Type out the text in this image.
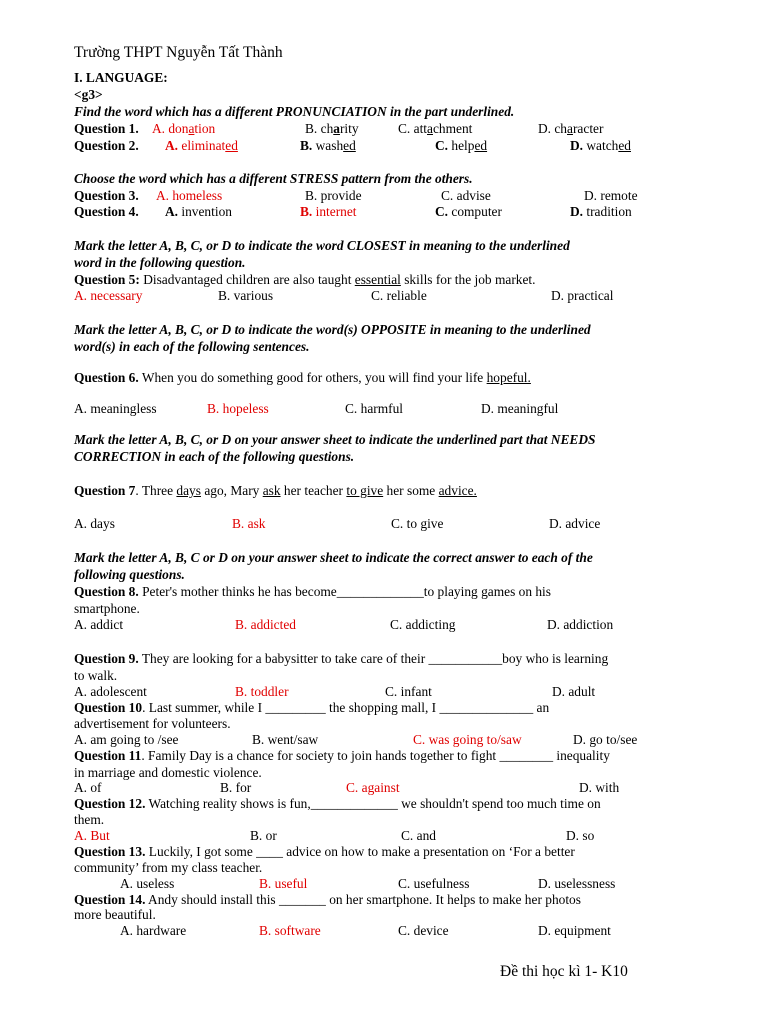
Trường THPT Nguyễn Tất Thành
I. LANGUAGE:
<g3>
Find the word which has a different PRONUNCIATION in the part underlined.
Question 1. A. donation	B. charity	C. attachment	D. character
Question 2. A. eliminated	B. washed	C. helped	D. watched
Choose the word which has a different STRESS pattern from the others.
Question 3. A. homeless	B. provide	C. advise	D. remote
Question 4. A. invention	B. internet	C. computer	D. tradition
Mark the letter A, B, C, or D to indicate the word CLOSEST in meaning to the underlined
word in the following question.
Question 5: Disadvantaged children are also taught essential skills for the job market.
A. necessary	B. various	C. reliable	D. practical
Mark the letter A, B, C, or D to indicate the word(s) OPPOSITE in meaning to the underlined
word(s) in each of the following sentences.
Question 6. When you do something good for others, you will find your life hopeful.
A. meaningless	B. hopeless	C. harmful	D. meaningful
Mark the letter A, B, C, or D on your answer sheet to indicate the underlined part that NEEDS
CORRECTION in each of the following questions.
Question 7. Three days ago, Mary ask her teacher to give her some advice.
A. days	B. ask	C. to give	D. advice
Mark the letter A, B, C or D on your answer sheet to indicate the correct answer to each of the
following questions.
Question 8. Peter's mother thinks he has become_____________to playing games on his
smartphone.
A. addict	B. addicted	C. addicting	D. addiction
Question 9. They are looking for a babysitter to take care of their ___________boy who is learning
to walk.
A. adolescent	B. toddler	C. infant	D. adult
Question 10. Last summer, while I _________ the shopping mall, I ______________ an
advertisement for volunteers.
A. am going to /see	B. went/saw	C. was going to/saw	D. go to/see
Question 11. Family Day is a chance for society to join hands together to fight ________ inequality
in marriage and domestic violence.
A. of	B. for	C. against	D. with
Question 12. Watching reality shows is fun,_____________ we shouldn't spend too much time on
them.
A. But	B. or	C. and	D. so
Question 13. Luckily, I got some ____ advice on how to make a presentation on ‘For a better
community’ from my class teacher.
A. useless	B. useful	C. usefulness	D. uselessness
Question 14. Andy should install this _______ on her smartphone. It helps to make her photos
more beautiful.
A. hardware	B. software	C. device	D. equipment
Đề thi học kì 1- K10
